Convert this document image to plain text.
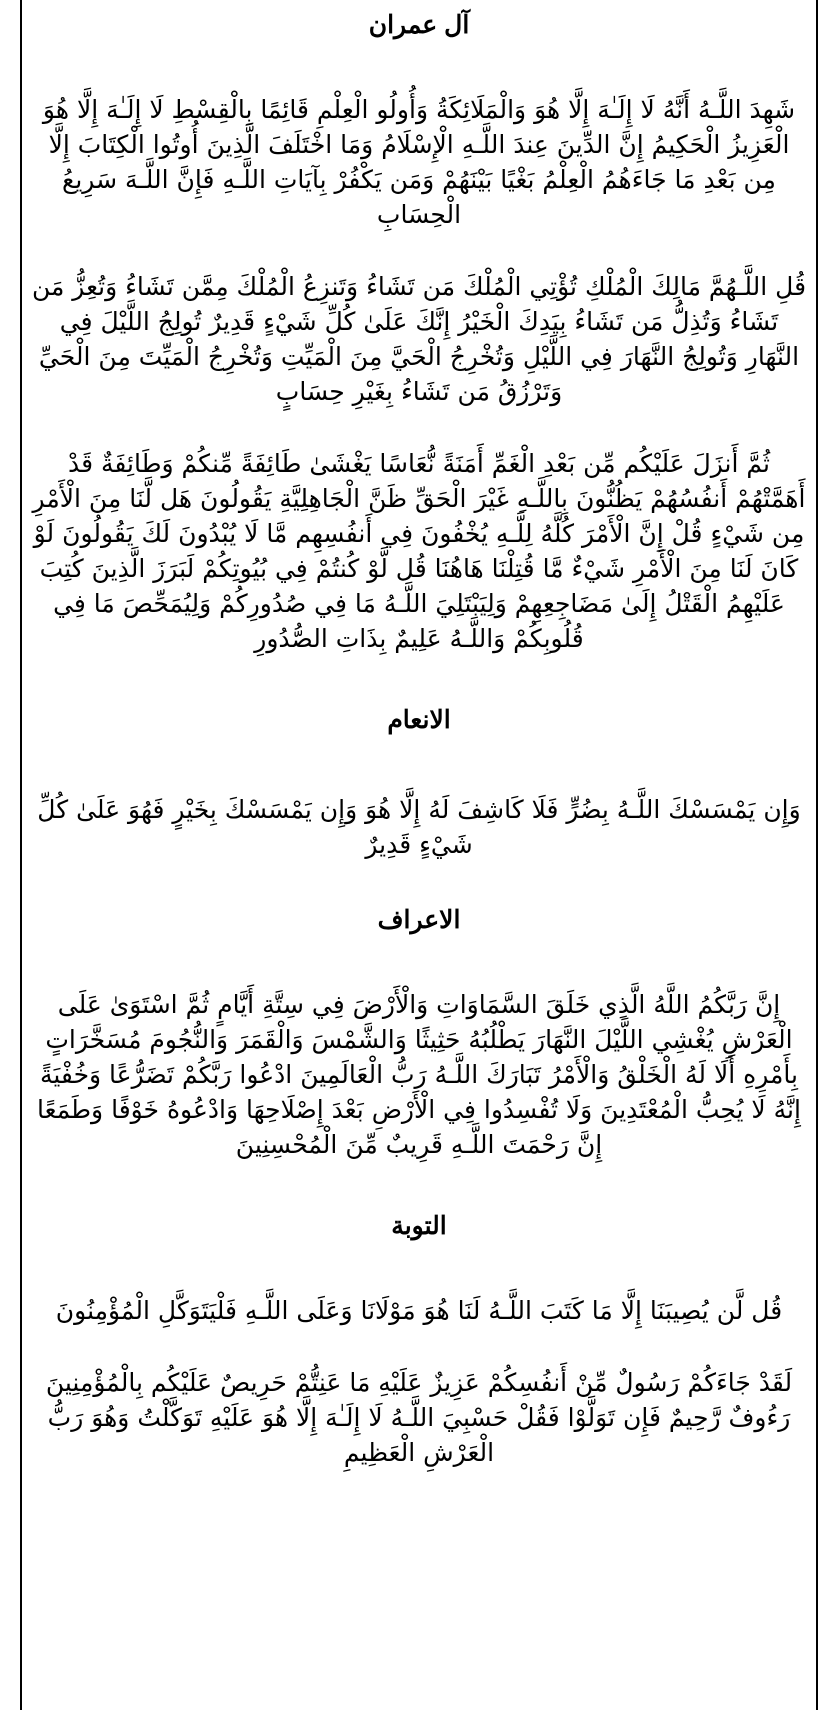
آل عمران

شَهِدَ اللَّـهُ أَنَّهُ لَا إِلَـٰهَ إِلَّا هُوَ وَالْمَلَائِكَةُ وَأُولُو الْعِلْمِ قَائِمًا بِالْقِسْطِ لَا إِلَـٰهَ إِلَّا هُوَ الْعَزِيزُ الْحَكِيمُ إِنَّ الدِّينَ عِندَ اللَّـهِ الْإِسْلَامُ وَمَا اخْتَلَفَ الَّذِينَ أُوتُوا الْكِتَابَ إِلَّا مِن بَعْدِ مَا جَاءَهُمُ الْعِلْمُ بَغْيًا بَيْنَهُمْ وَمَن يَكْفُرْ بِآيَاتِ اللَّـهِ فَإِنَّ اللَّـهَ سَرِيعُ الْحِسَابِ

قُلِ اللَّـهُمَّ مَالِكَ الْمُلْكِ تُؤْتِي الْمُلْكَ مَن تَشَاءُ وَتَنزِعُ الْمُلْكَ مِمَّن تَشَاءُ وَتُعِزُّ مَن تَشَاءُ وَتُذِلُّ مَن تَشَاءُ بِيَدِكَ الْخَيْرُ إِنَّكَ عَلَىٰ كُلِّ شَيْءٍ قَدِيرٌ تُولِجُ اللَّيْلَ فِي النَّهَارِ وَتُولِجُ النَّهَارَ فِي اللَّيْلِ وَتُخْرِجُ الْحَيَّ مِنَ الْمَيِّتِ وَتُخْرِجُ الْمَيِّتَ مِنَ الْحَيِّ وَتَرْزُقُ مَن تَشَاءُ بِغَيْرِ حِسَابٍ

ثُمَّ أَنزَلَ عَلَيْكُم مِّن بَعْدِ الْغَمِّ أَمَنَةً نُّعَاسًا يَغْشَىٰ طَائِفَةً مِّنكُمْ وَطَائِفَةٌ قَدْ أَهَمَّتْهُمْ أَنفُسُهُمْ يَظُنُّونَ بِاللَّـهِ غَيْرَ الْحَقِّ ظَنَّ الْجَاهِلِيَّةِ يَقُولُونَ هَل لَّنَا مِنَ الْأَمْرِ مِن شَيْءٍ قُلْ إِنَّ الْأَمْرَ كُلَّهُ لِلَّـهِ يُخْفُونَ فِي أَنفُسِهِم مَّا لَا يُبْدُونَ لَكَ يَقُولُونَ لَوْ كَانَ لَنَا مِنَ الْأَمْرِ شَيْءٌ مَّا قُتِلْنَا هَاهُنَا قُل لَّوْ كُنتُمْ فِي بُيُوتِكُمْ لَبَرَزَ الَّذِينَ كُتِبَ عَلَيْهِمُ الْقَتْلُ إِلَىٰ مَضَاجِعِهِمْ وَلِيَبْتَلِيَ اللَّـهُ مَا فِي صُدُورِكُمْ وَلِيُمَحِّصَ مَا فِي قُلُوبِكُمْ وَاللَّـهُ عَلِيمٌ بِذَاتِ الصُّدُورِ

الانعام

وَإِن يَمْسَسْكَ اللَّـهُ بِضُرٍّ فَلَا كَاشِفَ لَهُ إِلَّا هُوَ وَإِن يَمْسَسْكَ بِخَيْرٍ فَهُوَ عَلَىٰ كُلِّ شَيْءٍ قَدِيرٌ

الاعراف

إِنَّ رَبَّكُمُ اللَّهُ الَّذِي خَلَقَ السَّمَاوَاتِ وَالْأَرْضَ فِي سِتَّةِ أَيَّامٍ ثُمَّ اسْتَوَىٰ عَلَى الْعَرْشِ يُغْشِي اللَّيْلَ النَّهَارَ يَطْلُبُهُ حَثِيثًا وَالشَّمْسَ وَالْقَمَرَ وَالنُّجُومَ مُسَخَّرَاتٍ بِأَمْرِهِ أَلَا لَهُ الْخَلْقُ وَالْأَمْرُ تَبَارَكَ اللَّـهُ رَبُّ الْعَالَمِينَ ادْعُوا رَبَّكُمْ تَضَرُّعًا وَخُفْيَةً إِنَّهُ لَا يُحِبُّ الْمُعْتَدِينَ وَلَا تُفْسِدُوا فِي الْأَرْضِ بَعْدَ إِصْلَاحِهَا وَادْعُوهُ خَوْفًا وَطَمَعًا إِنَّ رَحْمَتَ اللَّـهِ قَرِيبٌ مِّنَ الْمُحْسِنِينَ

التوبة

قُل لَّن يُصِيبَنَا إِلَّا مَا كَتَبَ اللَّـهُ لَنَا هُوَ مَوْلَانَا وَعَلَى اللَّـهِ فَلْيَتَوَكَّلِ الْمُؤْمِنُونَ

لَقَدْ جَاءَكُمْ رَسُولٌ مِّنْ أَنفُسِكُمْ عَزِيزٌ عَلَيْهِ مَا عَنِتُّمْ حَرِيصٌ عَلَيْكُم بِالْمُؤْمِنِينَ رَءُوفٌ رَّحِيمٌ فَإِن تَوَلَّوْا فَقُلْ حَسْبِيَ اللَّـهُ لَا إِلَـٰهَ إِلَّا هُوَ عَلَيْهِ تَوَكَّلْتُ وَهُوَ رَبُّ الْعَرْشِ الْعَظِيمِ
